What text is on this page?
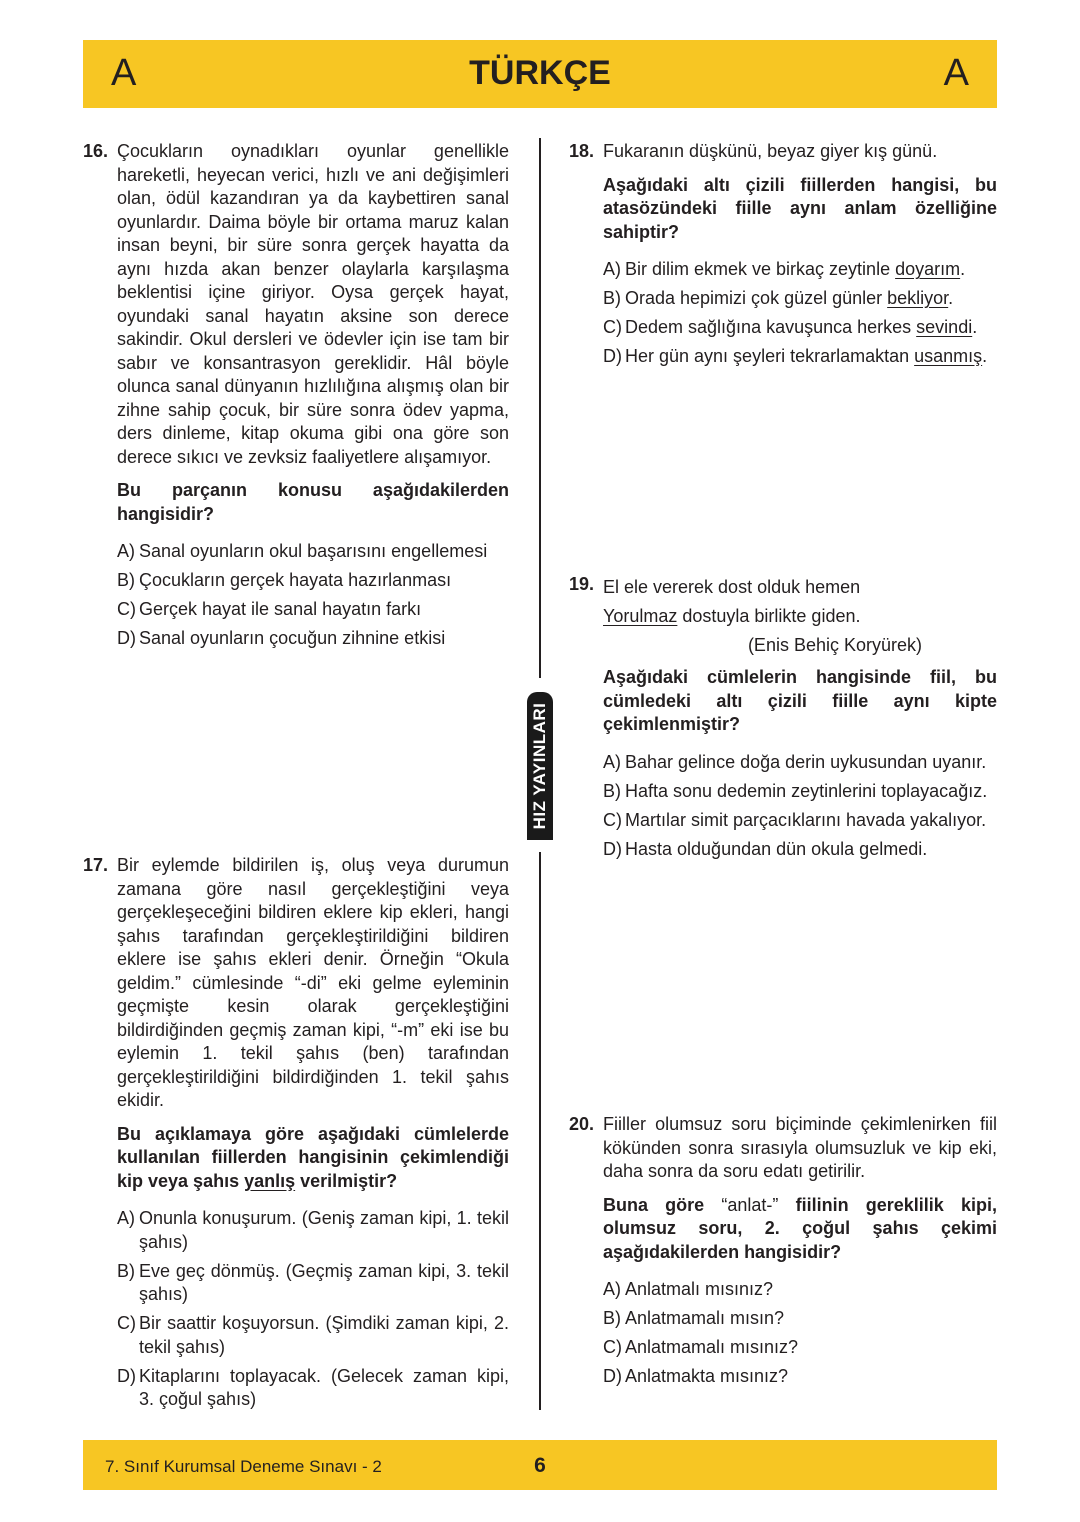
A	TÜRKÇE	A
HIZ YAYINLARI
16. Çocukların oynadıkları oyunlar genellikle hareketli, heyecan verici, hızlı ve ani değişimleri olan, ödül kazandıran ya da kaybettiren sanal oyunlardır. Daima böyle bir ortama maruz kalan insan beyni, bir süre sonra gerçek hayatta da aynı hızda akan benzer olaylarla karşılaşma beklentisi içine giriyor. Oysa gerçek hayat, oyundaki sanal hayatın aksine son derece sakindir. Okul dersleri ve ödevler için ise tam bir sabır ve konsantrasyon gereklidir. Hâl böyle olunca sanal dünyanın hızlılığına alışmış olan bir zihne sahip çocuk, bir süre sonra ödev yapma, ders dinleme, kitap okuma gibi ona göre son derece sıkıcı ve zevksiz faaliyetlere alışamıyor.
Bu parçanın konusu aşağıdakilerden hangisidir?
A) Sanal oyunların okul başarısını engellemesi
B) Çocukların gerçek hayata hazırlanması
C) Gerçek hayat ile sanal hayatın farkı
D) Sanal oyunların çocuğun zihnine etkisi
17. Bir eylemde bildirilen iş, oluş veya durumun zamana göre nasıl gerçekleştiğini veya gerçekleşeceğini bildiren eklere kip ekleri, hangi şahıs tarafından gerçekleştirildiğini bildiren eklere ise şahıs ekleri denir. Örneğin “Okula geldim.” cümlesinde “-di” eki gelme eyleminin geçmişte kesin olarak gerçekleştiğini bildirdiğinden geçmiş zaman kipi, “-m” eki ise bu eylemin 1. tekil şahıs (ben) tarafından gerçekleştirildiğini bildirdiğinden 1. tekil şahıs ekidir.
Bu açıklamaya göre aşağıdaki cümlelerde kullanılan fiillerden hangisinin çekimlendiği kip veya şahıs yanlış verilmiştir?
A) Onunla konuşurum. (Geniş zaman kipi, 1. tekil şahıs)
B) Eve geç dönmüş. (Geçmiş zaman kipi, 3. tekil şahıs)
C) Bir saattir koşuyorsun. (Şimdiki zaman kipi, 2. tekil şahıs)
D) Kitaplarını toplayacak. (Gelecek zaman kipi, 3. çoğul şahıs)
18. Fukaranın düşkünü, beyaz giyer kış günü.
Aşağıdaki altı çizili fiillerden hangisi, bu atasözündeki fiille aynı anlam özelliğine sahiptir?
A) Bir dilim ekmek ve birkaç zeytinle doyarım.
B) Orada hepimizi çok güzel günler bekliyor.
C) Dedem sağlığına kavuşunca herkes sevindi.
D) Her gün aynı şeyleri tekrarlamaktan usanmış.
19. El ele vererek dost olduk hemen
Yorulmaz dostuyla birlikte giden.
(Enis Behiç Koryürek)
Aşağıdaki cümlelerin hangisinde fiil, bu cümledeki altı çizili fiille aynı kipte çekimlenmiştir?
A) Bahar gelince doğa derin uykusundan uyanır.
B) Hafta sonu dedemin zeytinlerini toplayacağız.
C) Martılar simit parçacıklarını havada yakalıyor.
D) Hasta olduğundan dün okula gelmedi.
20. Fiiller olumsuz soru biçiminde çekimlenirken fiil kökünden sonra sırasıyla olumsuzluk ve kip eki, daha sonra da soru edatı getirilir.
Buna göre “anlat-” fiilinin gereklilik kipi, olumsuz soru, 2. çoğul şahıs çekimi aşağıdakilerden hangisidir?
A) Anlatmalı mısınız?
B) Anlatmamalı mısın?
C) Anlatmamalı mısınız?
D) Anlatmakta mısınız?
7. Sınıf Kurumsal Deneme Sınavı - 2	6
